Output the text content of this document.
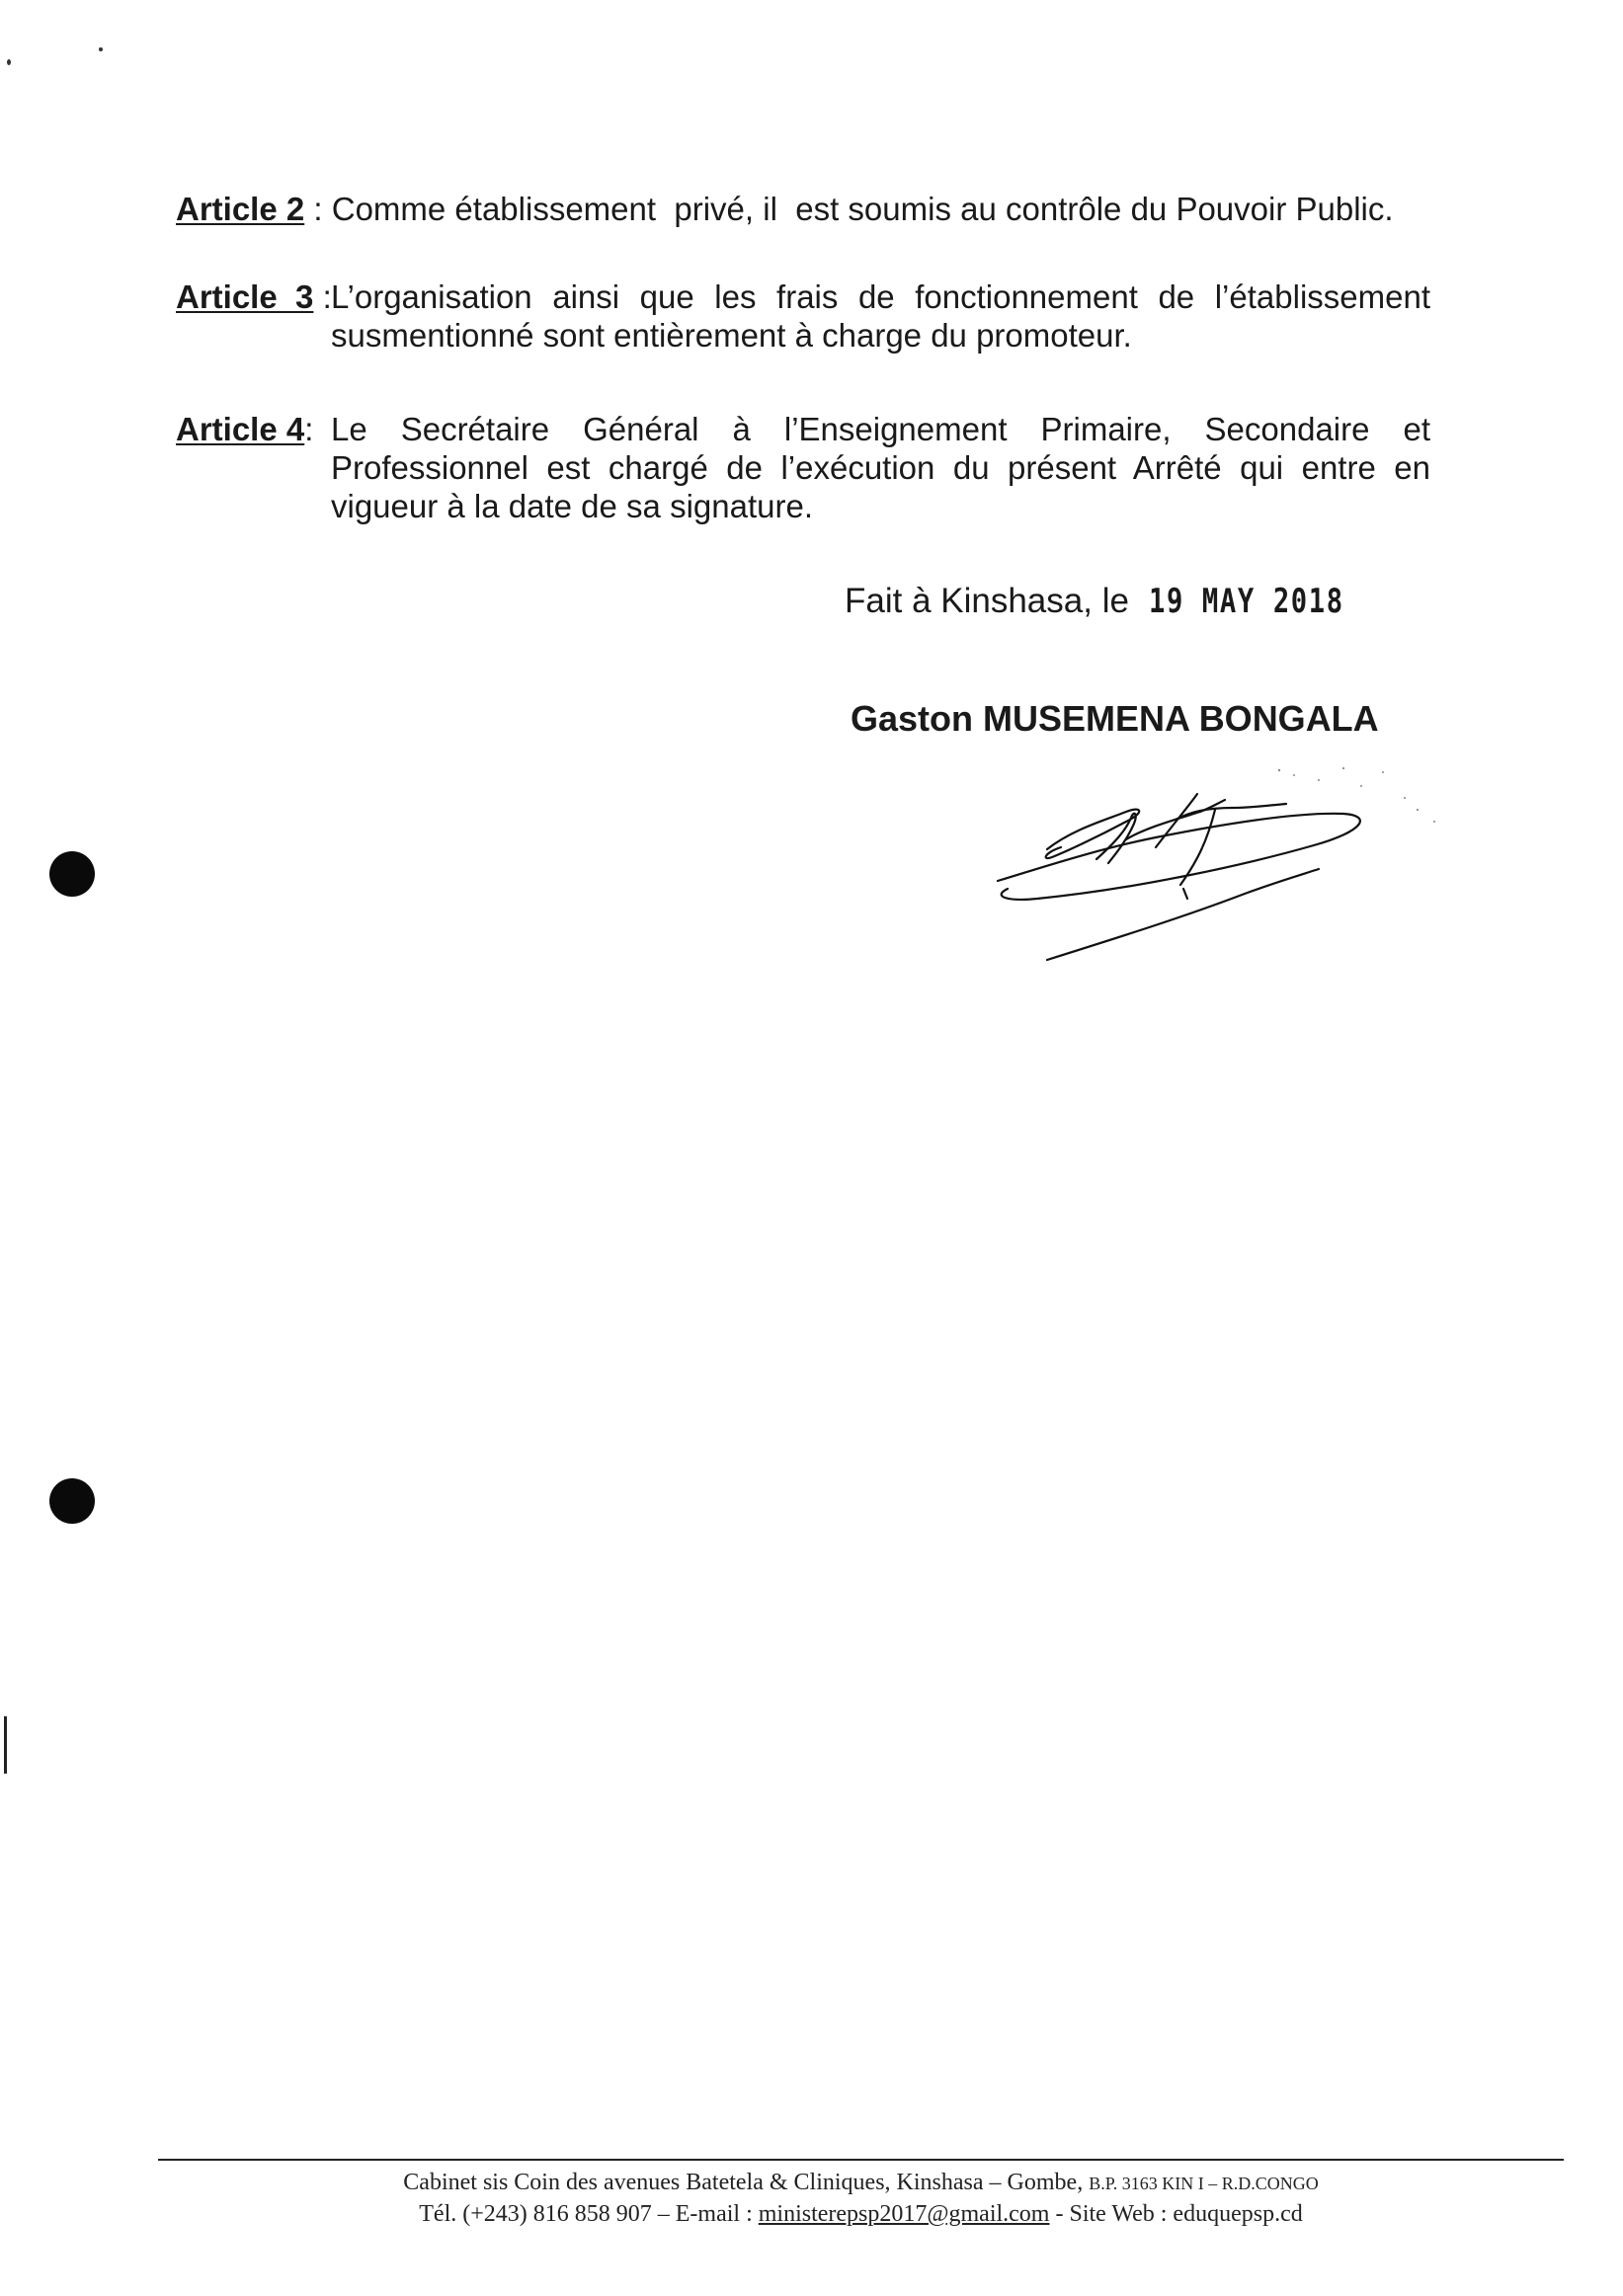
Article 2 : Comme établissement  privé, il  est soumis au contrôle du Pouvoir Public.
Article  3 : L’organisation ainsi que les frais de fonctionnement de l’établissement susmentionné sont entièrement à charge du promoteur.
Article 4: Le Secrétaire Général à l’Enseignement Primaire, Secondaire et Professionnel est chargé de l’exécution du présent Arrêté qui entre en vigueur à la date de sa signature.
Fait à Kinshasa, le 19 MAY 2018
Gaston MUSEMENA BONGALA
Cabinet sis Coin des avenues Batetela & Cliniques, Kinshasa – Gombe, B.P. 3163 KIN I – R.D.CONGO
Tél. (+243) 816 858 907 – E-mail : ministerepsp2017@gmail.com - Site Web : eduquepsp.cd
